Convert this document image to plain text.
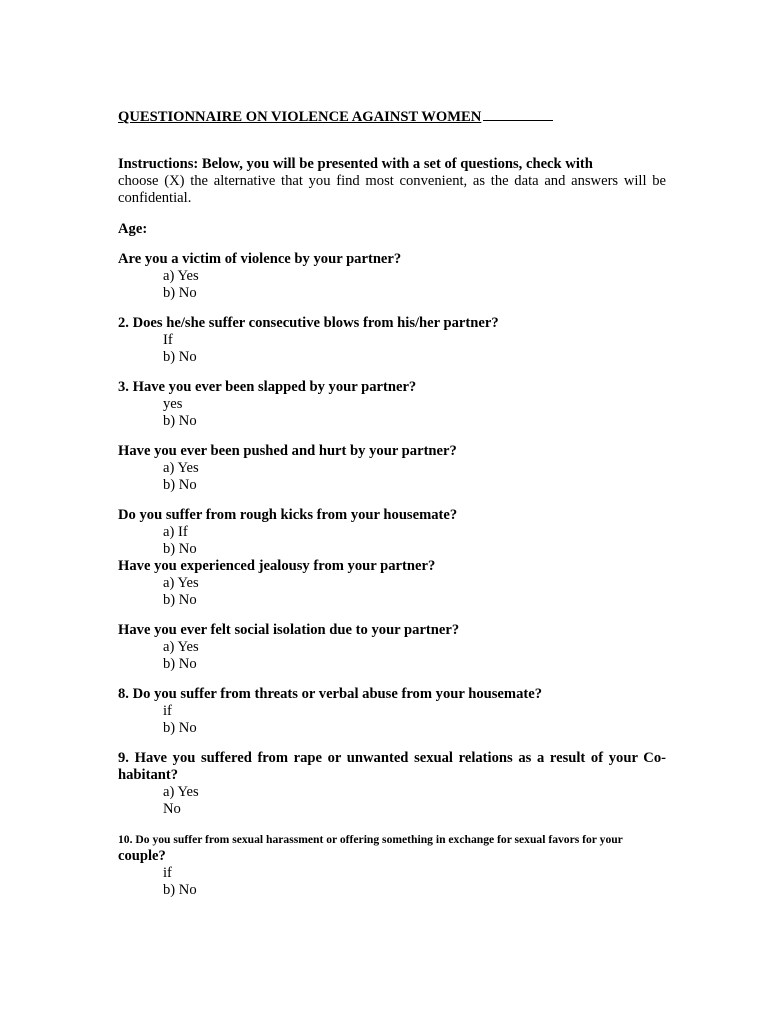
QUESTIONNAIRE ON VIOLENCE AGAINST WOMEN

Instructions: Below, you will be presented with a set of questions, check with
choose (X) the alternative that you find most convenient, as the data and answers will be confidential.
Age:
Are you a victim of violence by your partner?
a) Yes
b) No
2. Does he/she suffer consecutive blows from his/her partner?
If
b) No
3. Have you ever been slapped by your partner?
yes
b) No
Have you ever been pushed and hurt by your partner?
a) Yes
b) No
Do you suffer from rough kicks from your housemate?
a) If
b) No
Have you experienced jealousy from your partner?
a) Yes
b) No
Have you ever felt social isolation due to your partner?
a) Yes
b) No
8. Do you suffer from threats or verbal abuse from your housemate?
if
b) No
9. Have you suffered from rape or unwanted sexual relations as a result of your Co-habitant?
a) Yes
No
10. Do you suffer from sexual harassment or offering something in exchange for sexual favors for your
couple?
if
b) No
